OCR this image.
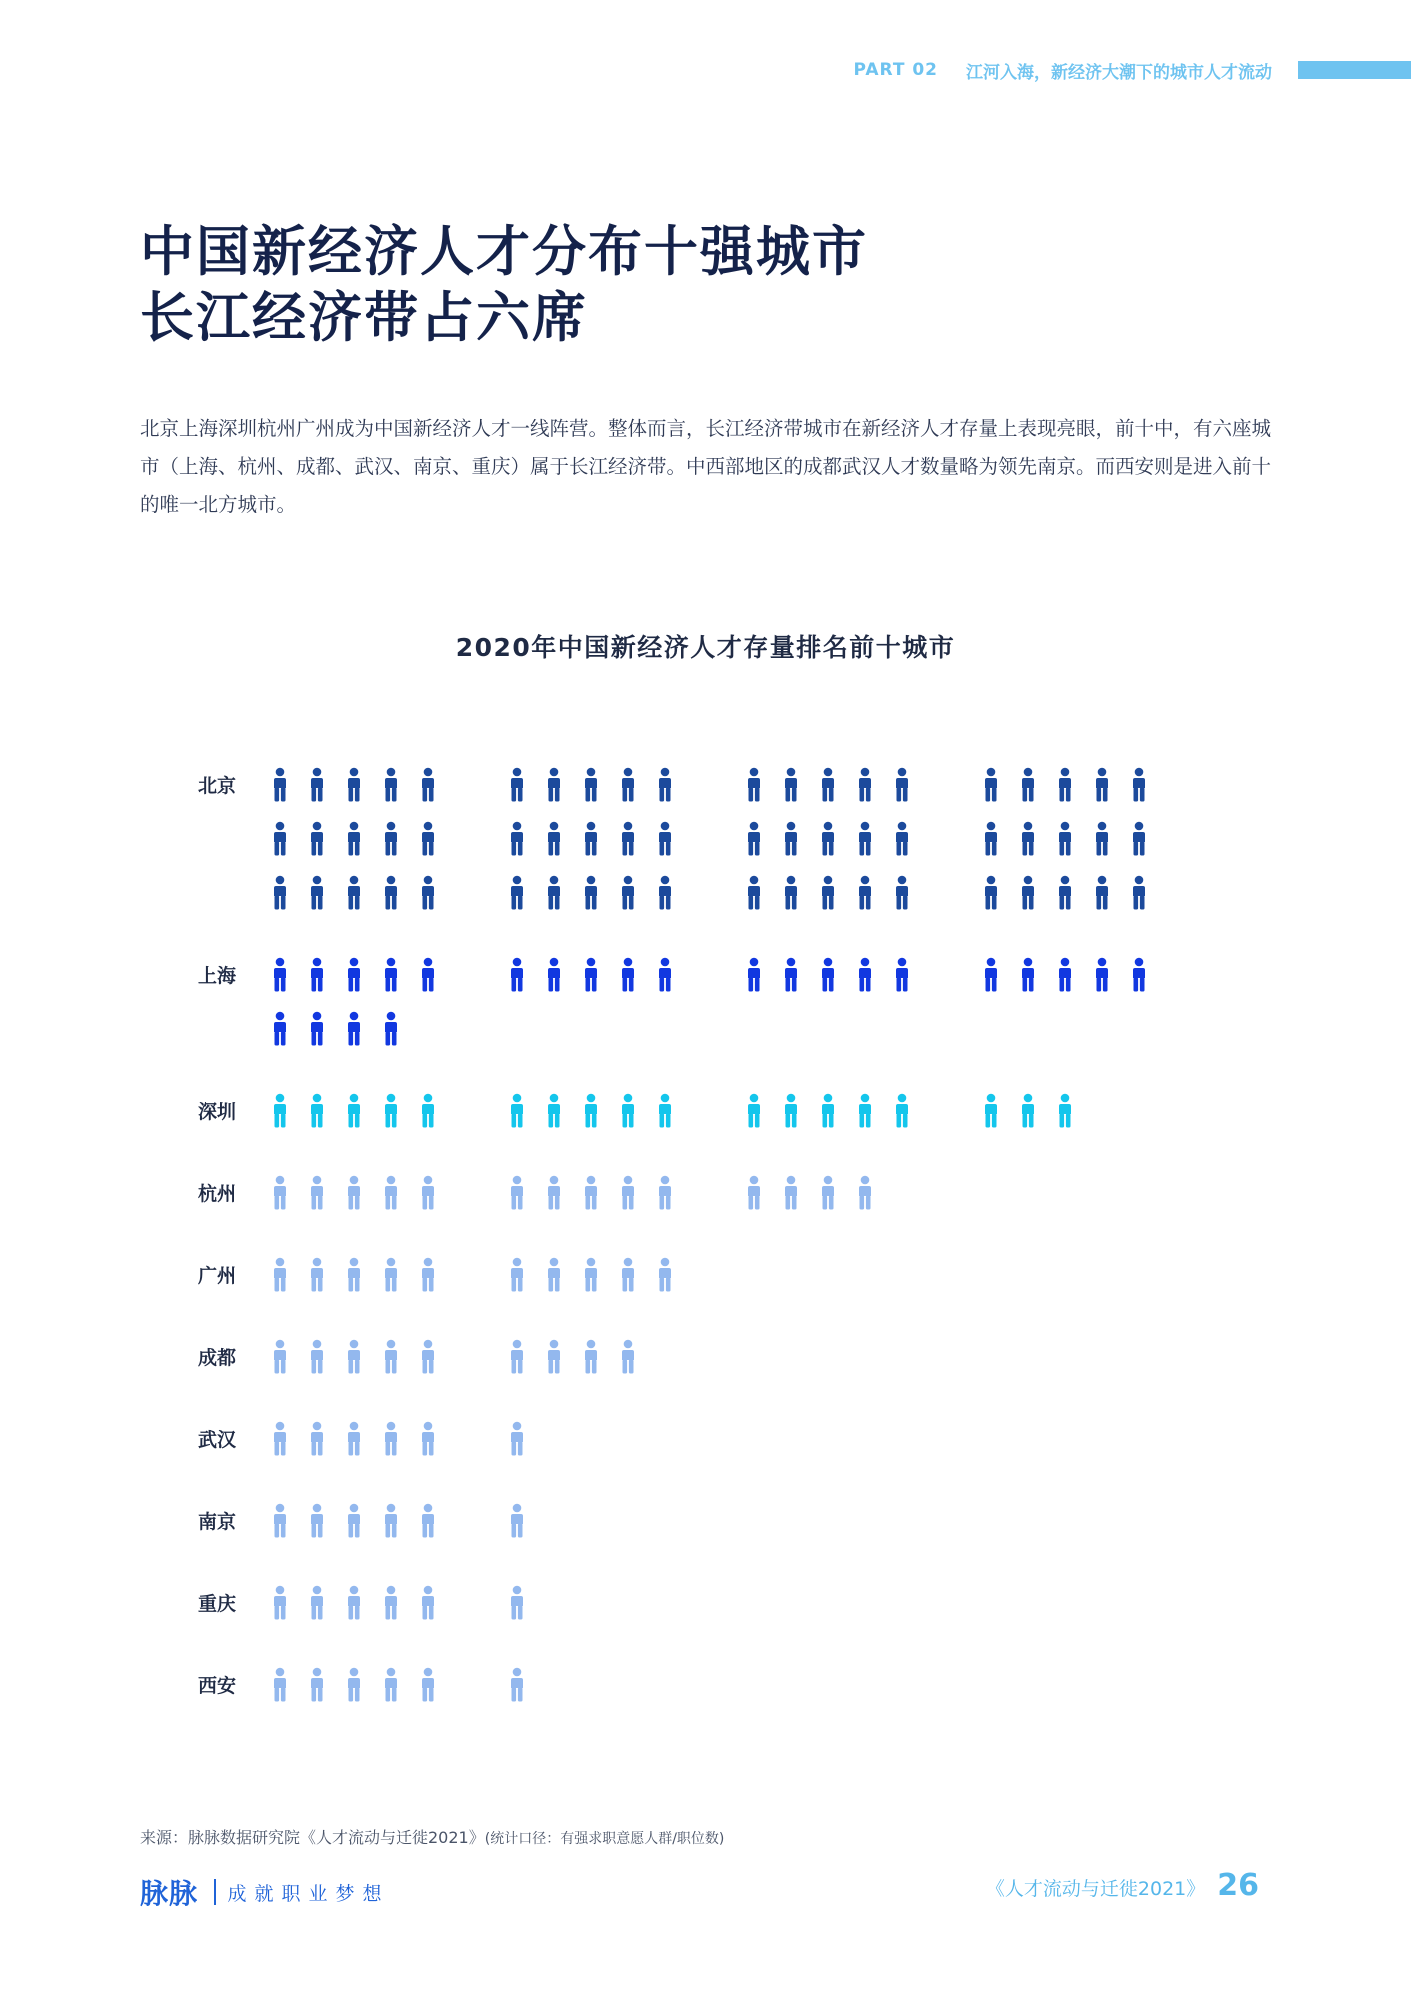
PART 02 江河入海，新经济大潮下的城市人才流动

中国新经济人才分布十强城市

长江经济带占六席

北京上海深圳杭州广州成为中国新经济人才一线阵营。整体而言，长江经济带城市在新经济人才存量上表现亮眼，前十中，有六座城市（上海、杭州、成都、武汉、南京、重庆）属于长江经济带。中西部地区的成都武汉人才数量略为领先南京。而西安则是进入前十的唯一北方城市。

2020年中国新经济人才存量排名前十城市
北京
上海
深圳
杭州
广州
成都
武汉
南京
重庆
西安
来源：脉脉数据研究院《人才流动与迁徙2021》(统计口径：有强求职意愿人群/职位数)
脉脉 成就职业梦想	《人才流动与迁徙2021》 26
